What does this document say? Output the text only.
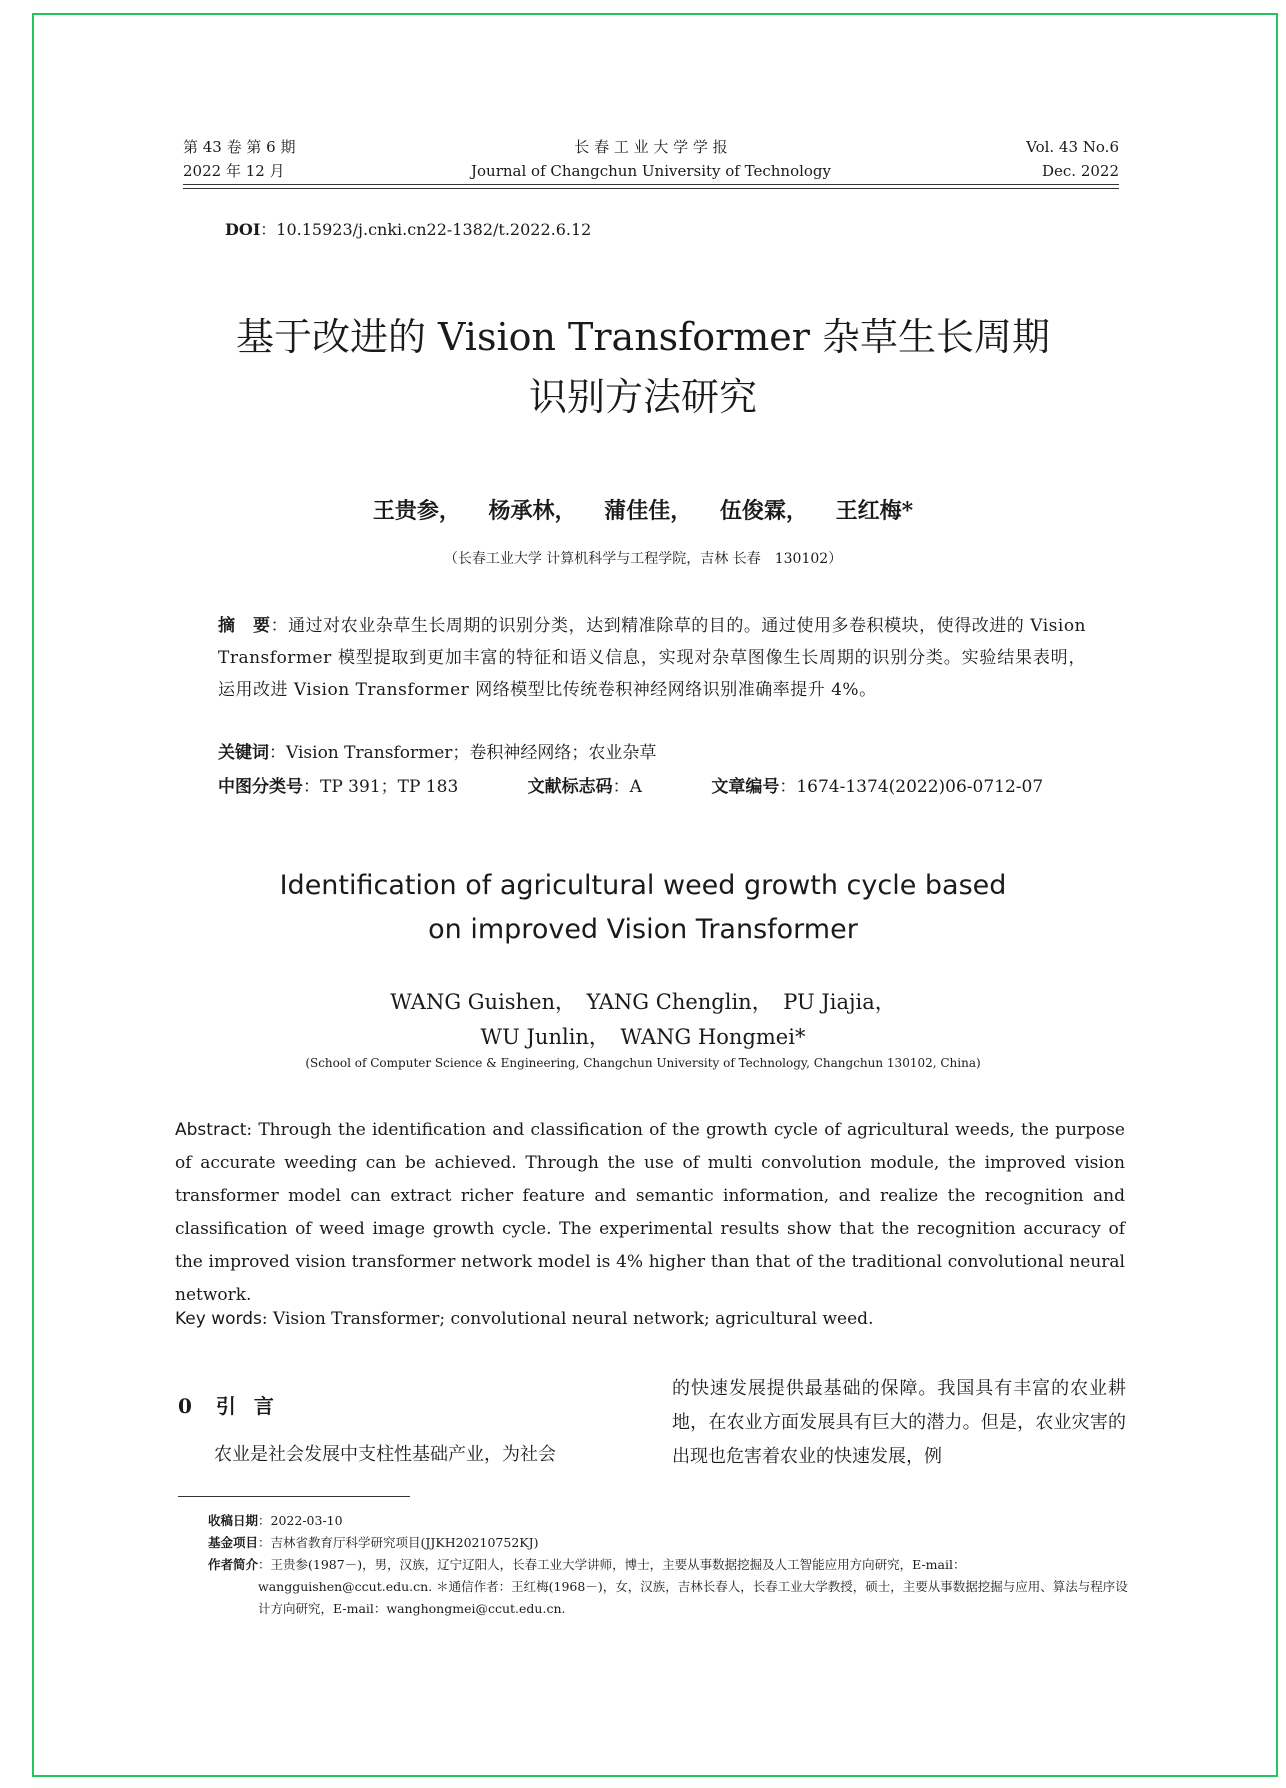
第 43 卷 第 6 期
2022 年 12 月
长 春 工 业 大 学 学 报
Journal of Changchun University of Technology
Vol. 43 No.6
Dec. 2022
DOI：10.15923/j.cnki.cn22-1382/t.2022.6.12
基于改进的 Vision Transformer 杂草生长周期
识别方法研究
王贵参， 杨承林， 蒲佳佳， 伍俊霖， 王红梅*
（长春工业大学 计算机科学与工程学院，吉林 长春　130102）
摘　要：通过对农业杂草生长周期的识别分类，达到精准除草的目的。通过使用多卷积模块，使得改进的 Vision Transformer 模型提取到更加丰富的特征和语义信息，实现对杂草图像生长周期的识别分类。实验结果表明，运用改进 Vision Transformer 网络模型比传统卷积神经网络识别准确率提升 4%。
关键词：Vision Transformer；卷积神经网络；农业杂草
中图分类号：TP 391；TP 183	文献标志码：A	文章编号：1674-1374(2022)06-0712-07
Identification of agricultural weed growth cycle based
on improved Vision Transformer
WANG Guishen，　YANG Chenglin，　PU Jiajia，
WU Junlin，　WANG Hongmei*
(School of Computer Science & Engineering, Changchun University of Technology, Changchun 130102, China)
Abstract: Through the identification and classification of the growth cycle of agricultural weeds, the purpose of accurate weeding can be achieved. Through the use of multi convolution module, the improved vision transformer model can extract richer feature and semantic information, and realize the recognition and classification of weed image growth cycle. The experimental results show that the recognition accuracy of the improved vision transformer network model is 4% higher than that of the traditional convolutional neural network.
Key words: Vision Transformer; convolutional neural network; agricultural weed.
0 引言
农业是社会发展中支柱性基础产业，为社会
的快速发展提供最基础的保障。我国具有丰富的农业耕地，在农业方面发展具有巨大的潜力。但是，农业灾害的出现也危害着农业的快速发展，例
收稿日期 ：2022-03-10
基金项目 ：吉林省教育厅科学研究项目(JJKH20210752KJ)
作者简介 ：王贵参(1987－)，男，汉族，辽宁辽阳人，长春工业大学讲师，博士，主要从事数据挖掘及人工智能应用方向研究，E-mail：wangguishen@ccut.edu.cn. ＊通信作者：王红梅(1968－)，女，汉族，吉林长春人，长春工业大学教授，硕士，主要从事数据挖掘与应用、算法与程序设计方向研究，E-mail：wanghongmei@ccut.edu.cn.
